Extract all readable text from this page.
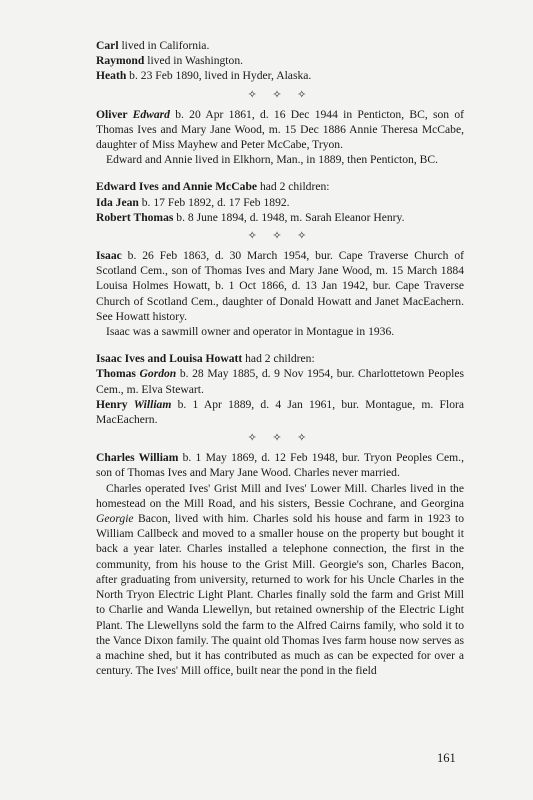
Carl lived in California.

Raymond lived in Washington.

Heath b. 23 Feb 1890, lived in Hyder, Alaska.

✧ ✧ ✧

Oliver Edward b. 20 Apr 1861, d. 16 Dec 1944 in Penticton, BC, son of Thomas Ives and Mary Jane Wood, m. 15 Dec 1886 Annie Theresa McCabe, daughter of Miss Mayhew and Peter McCabe, Tryon.

Edward and Annie lived in Elkhorn, Man., in 1889, then Penticton, BC.

Edward Ives and Annie McCabe had 2 children:

Ida Jean b. 17 Feb 1892, d. 17 Feb 1892.

Robert Thomas b. 8 June 1894, d. 1948, m. Sarah Eleanor Henry.

✧ ✧ ✧

Isaac b. 26 Feb 1863, d. 30 March 1954, bur. Cape Traverse Church of Scotland Cem., son of Thomas Ives and Mary Jane Wood, m. 15 March 1884 Louisa Holmes Howatt, b. 1 Oct 1866, d. 13 Jan 1942, bur. Cape Traverse Church of Scotland Cem., daughter of Donald Howatt and Janet MacEachern. See Howatt history.

Isaac was a sawmill owner and operator in Montague in 1936.

Isaac Ives and Louisa Howatt had 2 children:

Thomas Gordon b. 28 May 1885, d. 9 Nov 1954, bur. Charlottetown Peoples Cem., m. Elva Stewart.

Henry William b. 1 Apr 1889, d. 4 Jan 1961, bur. Montague, m. Flora MacEachern.

✧ ✧ ✧

Charles William b. 1 May 1869, d. 12 Feb 1948, bur. Tryon Peoples Cem., son of Thomas Ives and Mary Jane Wood. Charles never married.

Charles operated Ives' Grist Mill and Ives' Lower Mill. Charles lived in the homestead on the Mill Road, and his sisters, Bessie Cochrane, and Georgina Georgie Bacon, lived with him. Charles sold his house and farm in 1923 to William Callbeck and moved to a smaller house on the property but bought it back a year later. Charles installed a telephone connection, the first in the community, from his house to the Grist Mill. Georgie's son, Charles Bacon, after graduating from university, returned to work for his Uncle Charles in the North Tryon Electric Light Plant. Charles finally sold the farm and Grist Mill to Charlie and Wanda Llewellyn, but retained ownership of the Electric Light Plant. The Llewellyns sold the farm to the Alfred Cairns family, who sold it to the Vance Dixon family. The quaint old Thomas Ives farm house now serves as a machine shed, but it has contributed as much as can be expected for over a century. The Ives' Mill office, built near the pond in the field

161
